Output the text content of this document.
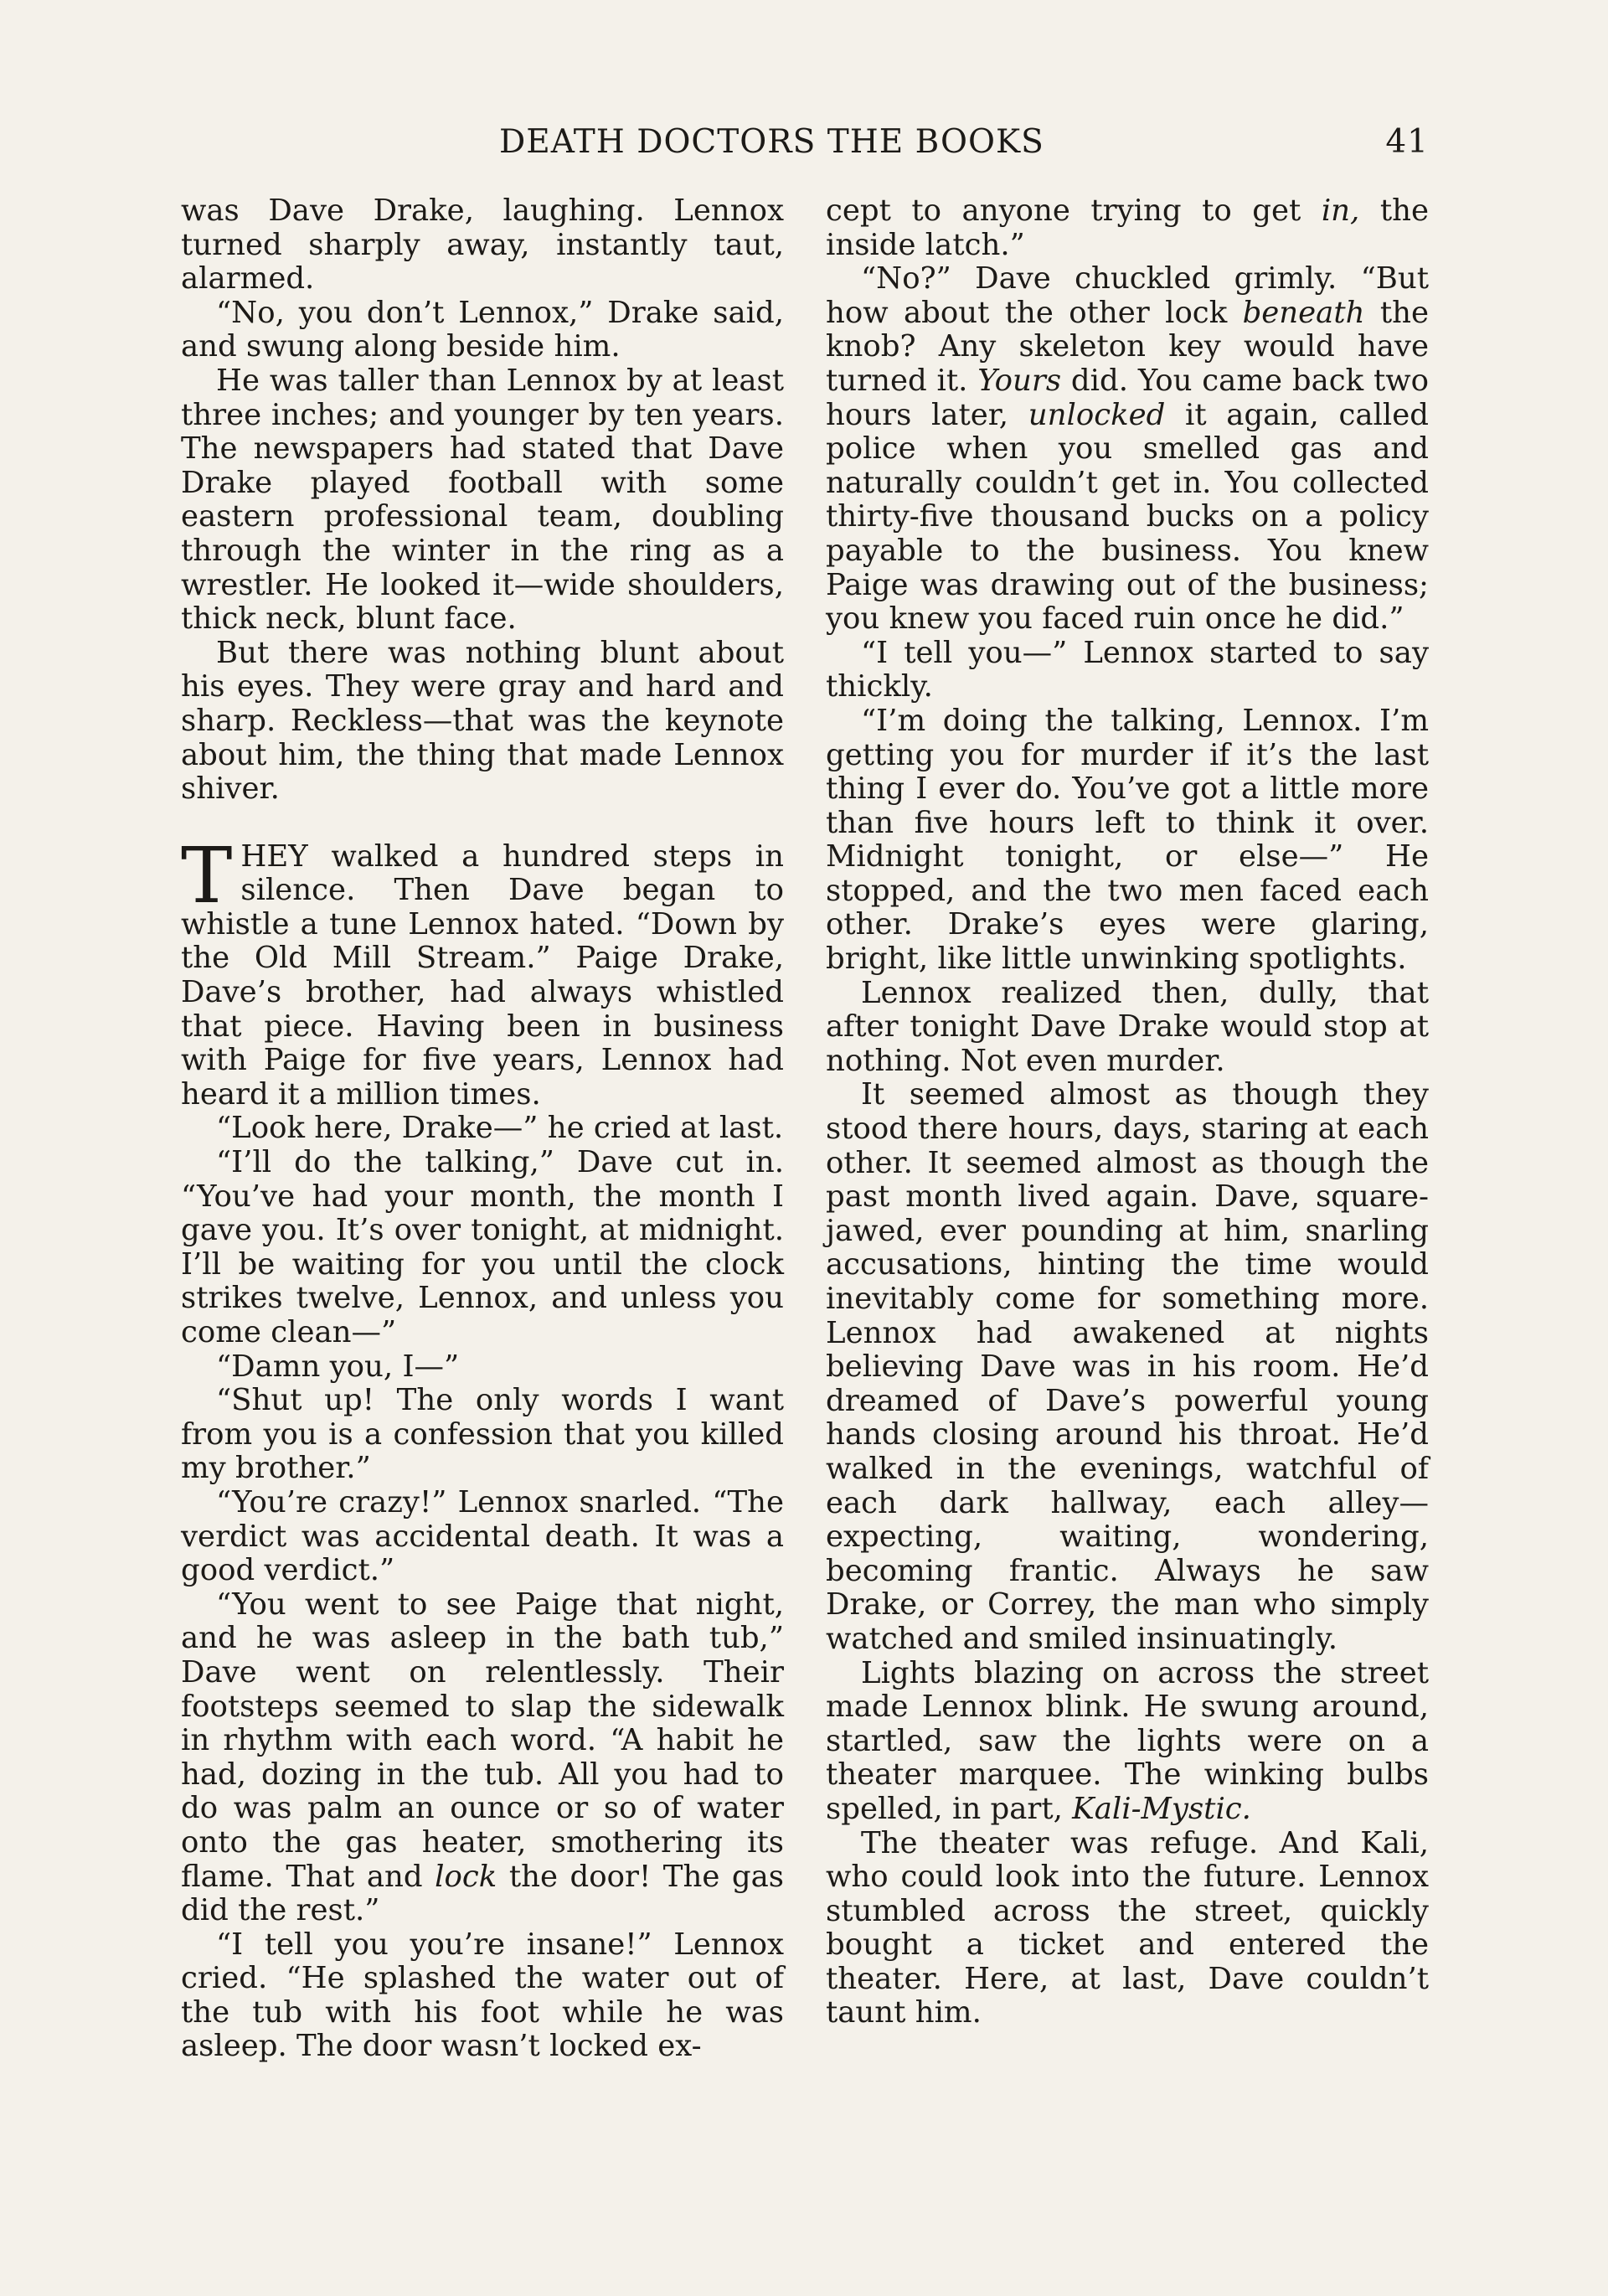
DEATH DOCTORS THE BOOKS	41

was Dave Drake, laughing. Lennox turned sharply away, instantly taut, alarmed.

“No, you don’t Lennox,” Drake said, and swung along beside him.

He was taller than Lennox by at least three inches; and younger by ten years. The newspapers had stated that Dave Drake played football with some eastern professional team, doubling through the winter in the ring as a wrestler. He looked it—wide shoulders, thick neck, blunt face.

But there was nothing blunt about his eyes. They were gray and hard and sharp. Reckless—that was the keynote about him, the thing that made Lennox shiver.

THEY walked a hundred steps in silence. Then Dave began to whistle a tune Lennox hated. “Down by the Old Mill Stream.” Paige Drake, Dave’s brother, had always whistled that piece. Having been in business with Paige for five years, Lennox had heard it a million times.

“Look here, Drake—” he cried at last.

“I’ll do the talking,” Dave cut in. “You’ve had your month, the month I gave you. It’s over tonight, at midnight. I’ll be waiting for you until the clock strikes twelve, Lennox, and unless you come clean—”

“Damn you, I—”

“Shut up! The only words I want from you is a confession that you killed my brother.”

“You’re crazy!” Lennox snarled. “The verdict was accidental death. It was a good verdict.”

“You went to see Paige that night, and he was asleep in the bath tub,” Dave went on relentlessly. Their footsteps seemed to slap the sidewalk in rhythm with each word. “A habit he had, dozing in the tub. All you had to do was palm an ounce or so of water onto the gas heater, smothering its flame. That and lock the door! The gas did the rest.”

“I tell you you’re insane!” Lennox cried. “He splashed the water out of the tub with his foot while he was asleep. The door wasn’t locked ex-

cept to anyone trying to get in, the inside latch.”

“No?” Dave chuckled grimly. “But how about the other lock beneath the knob? Any skeleton key would have turned it. Yours did. You came back two hours later, unlocked it again, called police when you smelled gas and naturally couldn’t get in. You collected thirty-five thousand bucks on a policy payable to the business. You knew Paige was drawing out of the business; you knew you faced ruin once he did.”

“I tell you—” Lennox started to say thickly.

“I’m doing the talking, Lennox. I’m getting you for murder if it’s the last thing I ever do. You’ve got a little more than five hours left to think it over. Midnight tonight, or else—” He stopped, and the two men faced each other. Drake’s eyes were glaring, bright, like little unwinking spotlights.

Lennox realized then, dully, that after tonight Dave Drake would stop at nothing. Not even murder.

It seemed almost as though they stood there hours, days, staring at each other. It seemed almost as though the past month lived again. Dave, square-jawed, ever pounding at him, snarling accusations, hinting the time would inevitably come for something more. Lennox had awakened at nights believing Dave was in his room. He’d dreamed of Dave’s powerful young hands closing around his throat. He’d walked in the evenings, watchful of each dark hallway, each alley—expecting, waiting, wondering, becoming frantic. Always he saw Drake, or Correy, the man who simply watched and smiled insinuatingly.

Lights blazing on across the street made Lennox blink. He swung around, startled, saw the lights were on a theater marquee. The winking bulbs spelled, in part, Kali-Mystic.

The theater was refuge. And Kali, who could look into the future. Lennox stumbled across the street, quickly bought a ticket and entered the theater. Here, at last, Dave couldn’t taunt him.
